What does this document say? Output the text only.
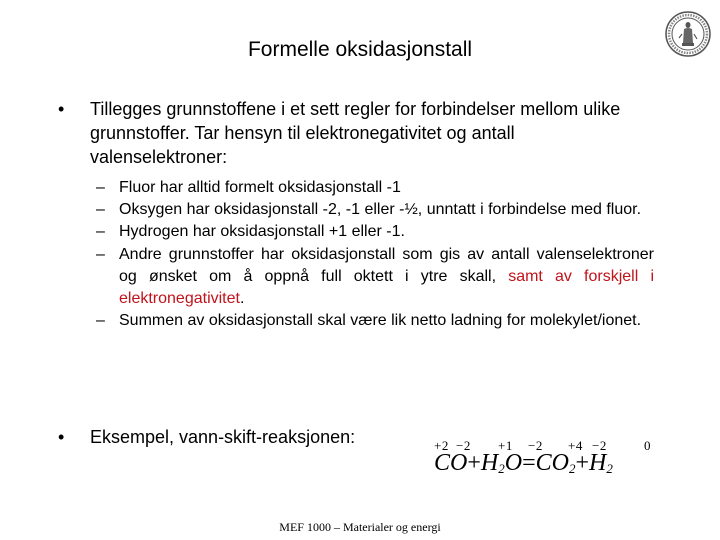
Formelle oksidasjonstall
• Tillegges grunnstoffene i et sett regler for forbindelser mellom ulike grunnstoffer. Tar hensyn til elektronegativitet og antall valenselektroner:
– Fluor har alltid formelt oksidasjonstall -1
– Oksygen har oksidasjonstall -2, -1 eller -½, unntatt i forbindelse med fluor.
– Hydrogen har oksidasjonstall +1 eller -1.
– Andre grunnstoffer har oksidasjonstall som gis av antall valenselektroner og ønsket om å oppnå full oktett i ytre skall, samt av forskjell i elektronegativitet.
– Summen av oksidasjonstall skal være lik netto ladning for molekylet/ionet.
• Eksempel, vann-skift-reaksjonen:	+2 −2 +1 −2 +4 −2	0
$CO+H_2O=CO_2+H_2$
MEF 1000 – Materialer og energi
